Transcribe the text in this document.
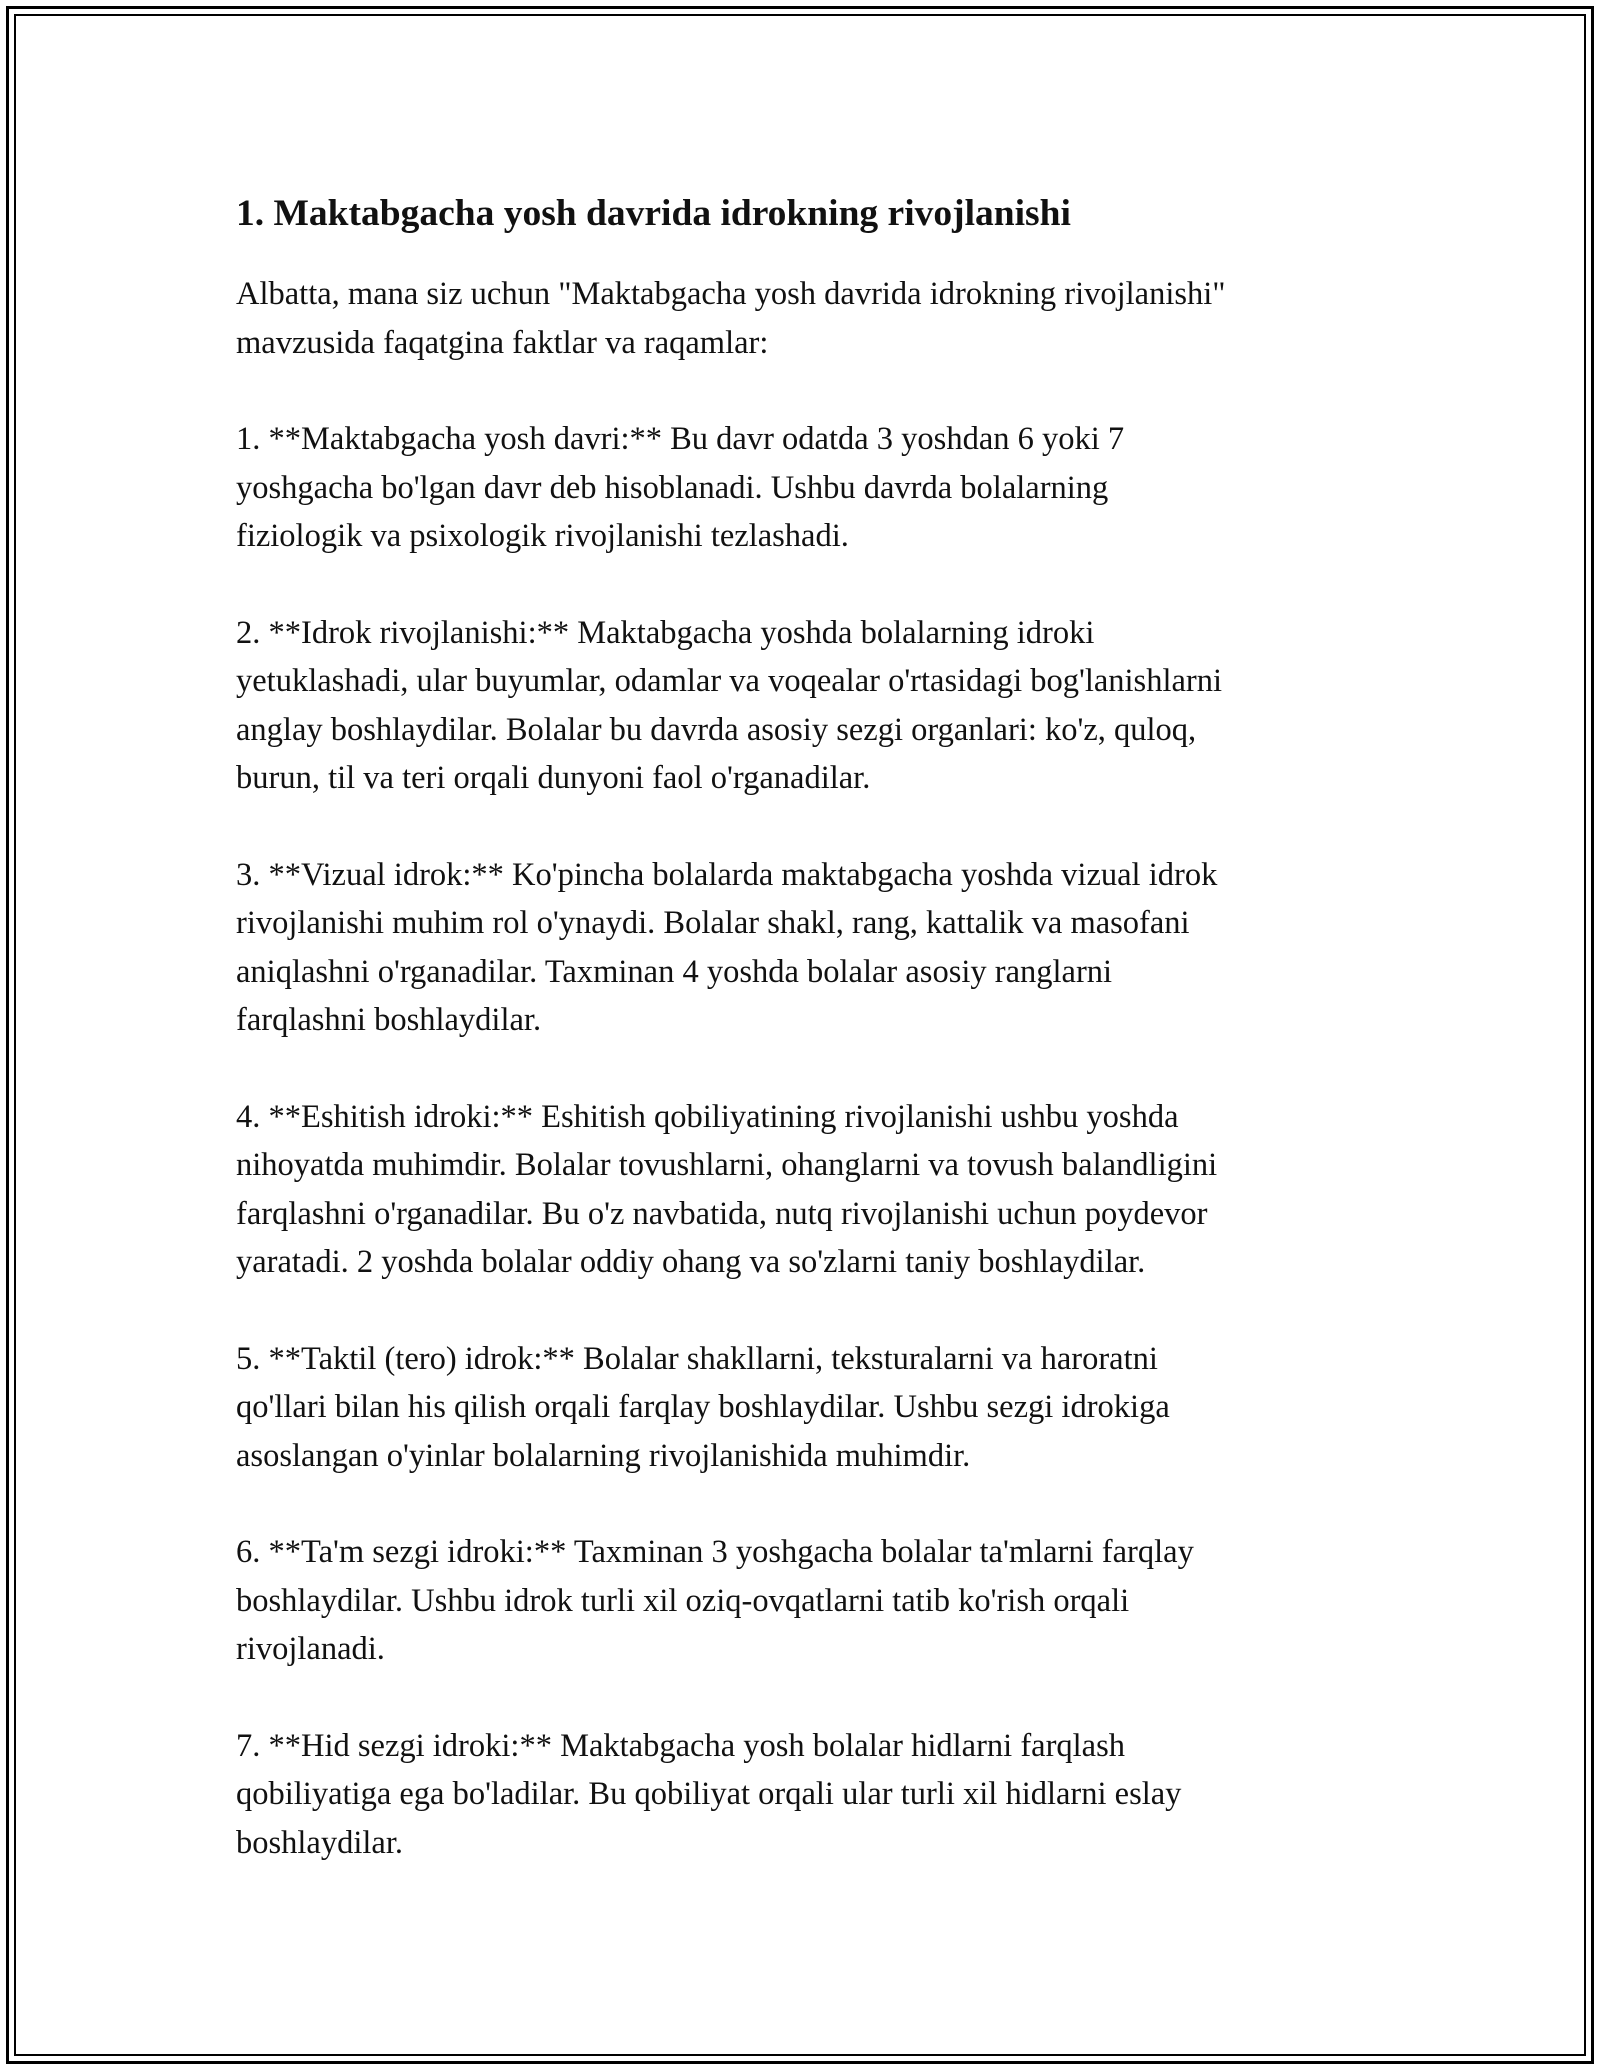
1. Maktabgacha yosh davrida idrokning rivojlanishi

Albatta, mana siz uchun "Maktabgacha yosh davrida idrokning rivojlanishi"
mavzusida faqatgina faktlar va raqamlar:

1. **Maktabgacha yosh davri:** Bu davr odatda 3 yoshdan 6 yoki 7
yoshgacha bo'lgan davr deb hisoblanadi. Ushbu davrda bolalarning
fiziologik va psixologik rivojlanishi tezlashadi.

2. **Idrok rivojlanishi:** Maktabgacha yoshda bolalarning idroki
yetuklashadi, ular buyumlar, odamlar va voqealar o'rtasidagi bog'lanishlarni
anglay boshlaydilar. Bolalar bu davrda asosiy sezgi organlari: ko'z, quloq,
burun, til va teri orqali dunyoni faol o'rganadilar.

3. **Vizual idrok:** Ko'pincha bolalarda maktabgacha yoshda vizual idrok
rivojlanishi muhim rol o'ynaydi. Bolalar shakl, rang, kattalik va masofani
aniqlashni o'rganadilar. Taxminan 4 yoshda bolalar asosiy ranglarni
farqlashni boshlaydilar.

4. **Eshitish idroki:** Eshitish qobiliyatining rivojlanishi ushbu yoshda
nihoyatda muhimdir. Bolalar tovushlarni, ohanglarni va tovush balandligini
farqlashni o'rganadilar. Bu o'z navbatida, nutq rivojlanishi uchun poydevor
yaratadi. 2 yoshda bolalar oddiy ohang va so'zlarni taniy boshlaydilar.

5. **Taktil (tero) idrok:** Bolalar shakllarni, teksturalarni va haroratni
qo'llari bilan his qilish orqali farqlay boshlaydilar. Ushbu sezgi idrokiga
asoslangan o'yinlar bolalarning rivojlanishida muhimdir.

6. **Ta'm sezgi idroki:** Taxminan 3 yoshgacha bolalar ta'mlarni farqlay
boshlaydilar. Ushbu idrok turli xil oziq-ovqatlarni tatib ko'rish orqali
rivojlanadi.

7. **Hid sezgi idroki:** Maktabgacha yosh bolalar hidlarni farqlash
qobiliyatiga ega bo'ladilar. Bu qobiliyat orqali ular turli xil hidlarni eslay
boshlaydilar.
